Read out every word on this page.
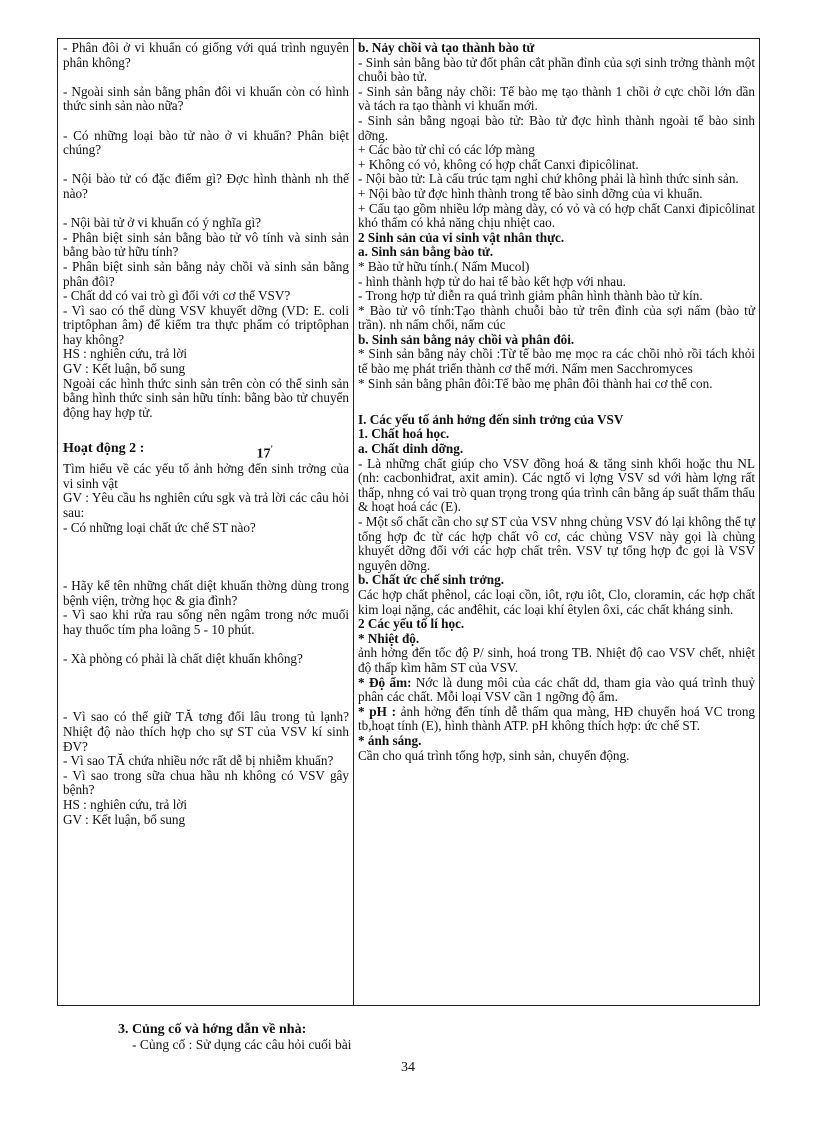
- Phân đôi ở vi khuẩn có giống với quá trình nguyên phân không?

- Ngoài sinh sản bằng phân đôi vi khuẩn còn có hình thức sinh sản nào nữa?

- Có những loại bào tử nào ở vi khuẩn? Phân biệt chúng?

- Nội bào tử có đặc điểm gì? Đợc hình thành nh thế nào?

- Nội bài tử ở vi khuẩn có ý nghĩa gì?

- Phân biệt sinh sản bằng bào tử vô tính và sinh sản bằng bào tử hữu tính?

- Phân biệt sinh sản bằng nảy chồi và sinh sản bằng phân đôi?

- Chất dd có vai trò gì đối với cơ thể VSV?

- Vì sao có thể dùng VSV khuyết dỡng (VD: E. coli triptôphan âm) để kiểm tra thực phẩm có triptôphan hay không?

HS : nghiên cứu, trả lời

GV : Kết luận, bổ sung

Ngoài các hình thức sinh sản trên còn có thể sinh sản bằng hình thức sinh sản hữu tính: bằng bào tử chuyển động hay hợp tử.

Hoạt động 2 :	17'

Tìm hiểu về các yếu tố ảnh hởng đến sinh trởng của vi sinh vật

GV : Yêu cầu hs nghiên cứu sgk và trả lời các câu hỏi sau:

- Có những loại chất ức chế ST nào?

- Hãy kể tên những chất diệt khuẩn thờng dùng trong bệnh viện, trờng học & gia đình?

- Vì sao khi rửa rau sống nên ngâm trong nớc muối hay thuốc tím pha loãng 5 - 10 phút.

- Xà phòng có phải là chất diệt khuẩn không?

- Vì sao có thể giữ TĂ tơng đối lâu trong tủ lạnh? Nhiệt độ nào thích hợp cho sự ST của VSV kí sinh ĐV?

- Vì sao TĂ chứa nhiều nớc rất dễ bị nhiễm khuẩn?

- Vì sao trong sữa chua hầu nh không có VSV gây bệnh?

HS : nghiên cứu, trả lời

GV : Kết luận, bổ sung

b. Nảy chồi và tạo thành bào tử

- Sinh sản bằng bào tử đốt phân cắt phần đỉnh của sợi sinh trởng thành một chuỗi bào tử.

- Sinh sản bằng nảy chồi: Tế bào mẹ tạo thành 1 chồi ở cực chồi lớn dần và tách ra tạo thành vi khuẩn mới.

- Sinh sản bằng ngoại bào tử: Bào tử đợc hình thành ngoài tế bào sinh dỡng.

+ Các bào tử chỉ có các lớp màng

+ Không có vỏ, không có hợp chất Canxi đipicôlinat.

- Nội bào tử: Là cấu trúc tạm nghỉ chứ không phải là hình thức sinh sản.

+ Nội bào tử đợc hình thành trong tế bào sinh dỡng của vi khuẩn.

+ Cấu tạo gồm nhiều lớp màng dày, có vỏ và có hợp chất Canxi đipicôlinat khó thấm có khả năng chịu nhiệt cao.

2 Sinh sản của vi sinh vật nhân thực.

a. Sinh sản bằng bào tử.

* Bào tử hữu tính.( Nấm Mucol)

- hình thành hợp tử do hai tế bào kết hợp với nhau.

- Trong hợp tử diễn ra quá trình giảm phân hình thành bào tử kín.

* Bào tử vô tính:Tạo thành chuỗi bào tử trên đỉnh của sợi nấm (bào tử trần). nh nấm chổi, nấm cúc

b. Sinh sản bằng nảy chồi và phân đôi.

* Sinh sản bằng nảy chồi :Từ tế bào mẹ mọc ra các chồi nhỏ rồi tách khỏi tế bào mẹ phát triển thành cơ thể mới. Nấm men Sacchromyces

* Sinh sản bằng phân đôi:Tế bào mẹ phân đôi thành hai cơ thể con.

I. Các yếu tố ảnh hởng đến sinh trởng của VSV

1. Chất hoá học.

a. Chất dinh dỡng.

- Là những chất giúp cho VSV đồng hoá & tăng sinh khối hoặc thu NL (nh: cacbonhiđrat, axit amin). Các ngtố vi lợng VSV sd với hàm lợng rất thấp, nhng có vai trò quan trọng trong qúa trình cân bằng áp suất thẩm thấu & hoạt hoá các (E).

- Một số chất cần cho sự ST của VSV nhng chủng VSV đó lại không thể tự tổng hợp đc từ các hợp chất vô cơ, các chủng VSV này gọi là chủng khuyết dỡng đối với các hợp chất trên. VSV tự tổng hợp đc gọi là VSV nguyên dỡng.

b. Chất ức chế sinh trởng.

Các hợp chất phênol, các loại cồn, iôt, rợu iôt, Clo, cloramin, các hợp chất kim loại nặng, các anđêhit, các loại khí êtylen ôxi, các chất kháng sinh.

2 Các yếu tố lí học.

* Nhiệt độ.

ảnh hởng đến tốc độ P/ sinh, hoá trong TB. Nhiệt độ cao VSV chết, nhiệt độ thấp kìm hãm ST của VSV.

* Độ ẩm: Nớc là dung môi của các chất dd, tham gia vào quá trình thuỷ phân các chất. Mỗi loại VSV cần 1 ngỡng độ ẩm.

* pH : ảnh hởng đến tính dễ thấm qua màng, HĐ chuyển hoá VC trong tb,hoạt tính (E), hình thành ATP. pH không thích hợp: ức chế ST.

* ánh sáng.

Cần cho quá trình tổng hợp, sinh sản, chuyển động.

3. Củng cố và hớng dẫn về nhà:
- Củng cố : Sử dụng các câu hỏi cuối bài
34
